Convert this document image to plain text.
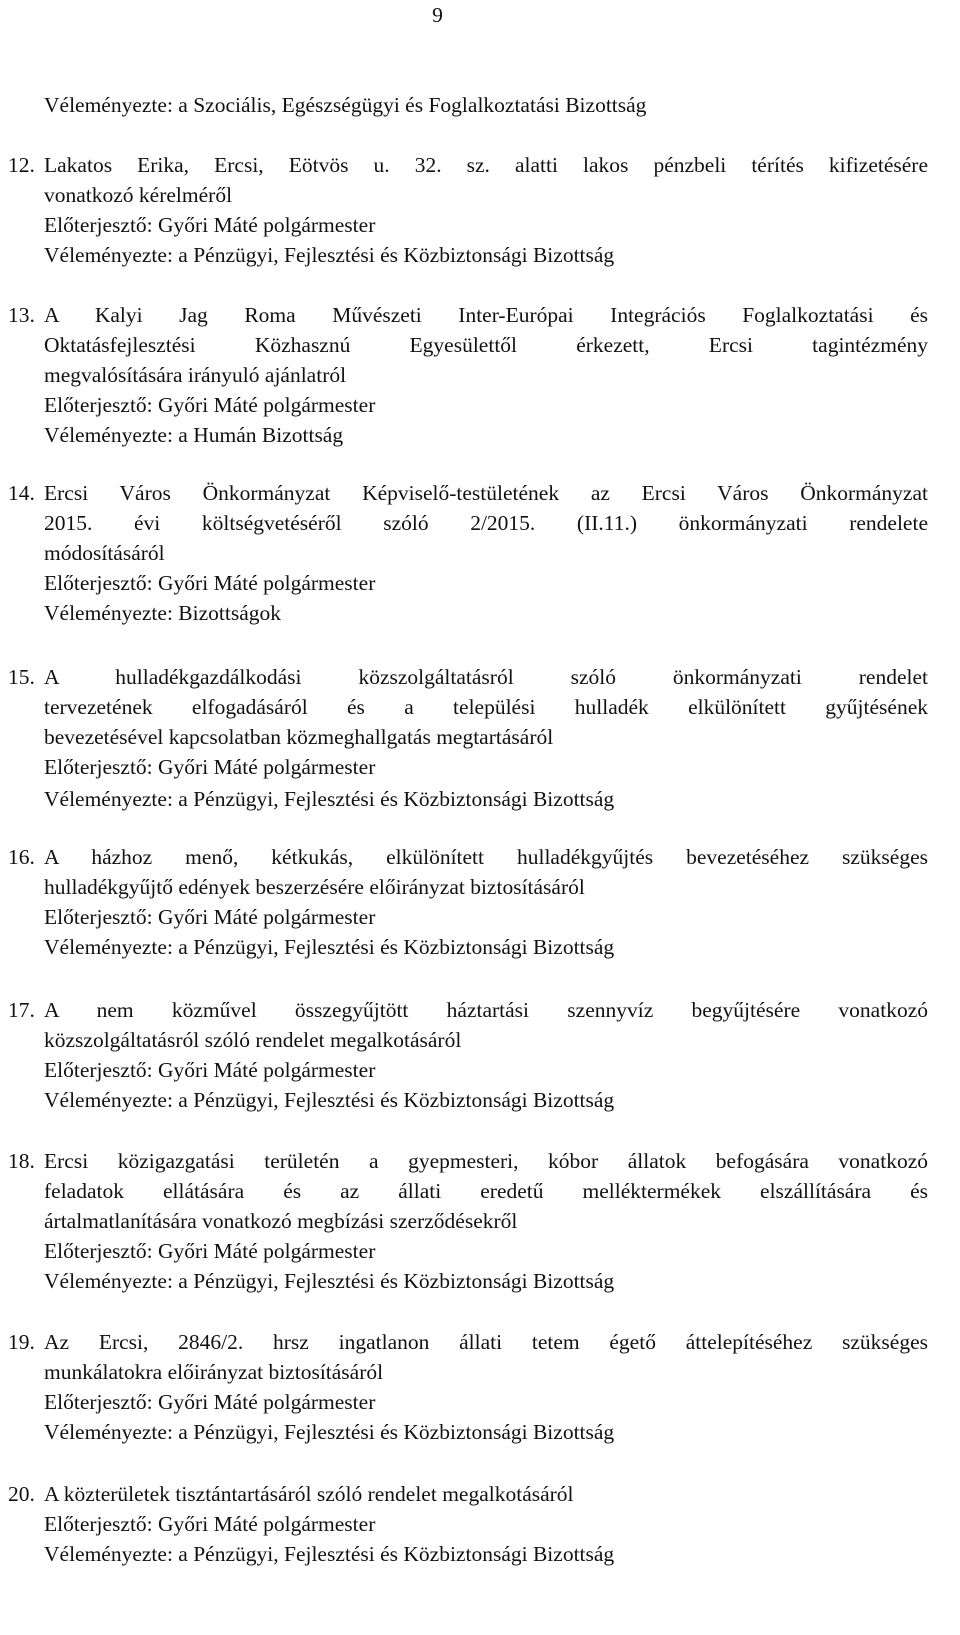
9
Véleményezte: a Szociális, Egészségügyi és Foglalkoztatási Bizottság
12. Lakatos Erika, Ercsi, Eötvös u. 32. sz. alatti lakos pénzbeli térítés kifizetésére
vonatkozó kérelméről
Előterjesztő: Győri Máté polgármester
Véleményezte: a Pénzügyi, Fejlesztési és Közbiztonsági Bizottság
13. A Kalyi Jag Roma Művészeti Inter-Európai Integrációs Foglalkoztatási és
Oktatásfejlesztési Közhasznú Egyesülettől érkezett, Ercsi tagintézmény
megvalósítására irányuló ajánlatról
Előterjesztő: Győri Máté polgármester
Véleményezte: a Humán Bizottság
14. Ercsi Város Önkormányzat Képviselő-testületének az Ercsi Város Önkormányzat
2015. évi költségvetéséről szóló 2/2015. (II.11.) önkormányzati rendelete
módosításáról
Előterjesztő: Győri Máté polgármester
Véleményezte: Bizottságok
15. A hulladékgazdálkodási közszolgáltatásról szóló önkormányzati rendelet
tervezetének elfogadásáról és a települési hulladék elkülönített gyűjtésének
bevezetésével kapcsolatban közmeghallgatás megtartásáról
Előterjesztő: Győri Máté polgármester
Véleményezte: a Pénzügyi, Fejlesztési és Közbiztonsági Bizottság
16. A házhoz menő, kétkukás, elkülönített hulladékgyűjtés bevezetéséhez szükséges
hulladékgyűjtő edények beszerzésére előirányzat biztosításáról
Előterjesztő: Győri Máté polgármester
Véleményezte: a Pénzügyi, Fejlesztési és Közbiztonsági Bizottság
17. A nem közművel összegyűjtött háztartási szennyvíz begyűjtésére vonatkozó
közszolgáltatásról szóló rendelet megalkotásáról
Előterjesztő: Győri Máté polgármester
Véleményezte: a Pénzügyi, Fejlesztési és Közbiztonsági Bizottság
18. Ercsi közigazgatási területén a gyepmesteri, kóbor állatok befogására vonatkozó
feladatok ellátására és az állati eredetű melléktermékek elszállítására és
ártalmatlanítására vonatkozó megbízási szerződésekről
Előterjesztő: Győri Máté polgármester
Véleményezte: a Pénzügyi, Fejlesztési és Közbiztonsági Bizottság
19. Az Ercsi, 2846/2. hrsz ingatlanon állati tetem égető áttelepítéséhez szükséges
munkálatokra előirányzat biztosításáról
Előterjesztő: Győri Máté polgármester
Véleményezte: a Pénzügyi, Fejlesztési és Közbiztonsági Bizottság
20. A közterületek tisztántartásáról szóló rendelet megalkotásáról
Előterjesztő: Győri Máté polgármester
Véleményezte: a Pénzügyi, Fejlesztési és Közbiztonsági Bizottság
